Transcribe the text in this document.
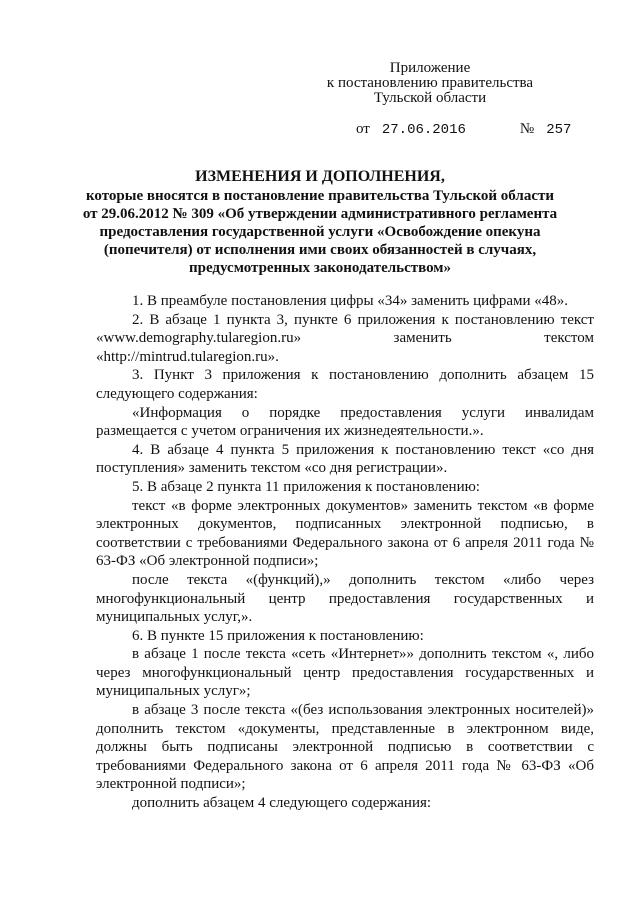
Приложение
к постановлению правительства
Тульской области
от 27.06.2016	№ 257
ИЗМЕНЕНИЯ И ДОПОЛНЕНИЯ,
которые вносятся в постановление правительства Тульской области от 29.06.2012 № 309 «Об утверждении административного регламента предоставления государственной услуги «Освобождение опекуна (попечителя) от исполнения ими своих обязанностей в случаях, предусмотренных законодательством»

1. В преамбуле постановления цифры «34» заменить цифрами «48».

2. В абзаце 1 пункта 3, пункте 6 приложения к постановлению текст «www.demography.tularegion.ru» заменить текстом «http://mintrud.tularegion.ru».

3. Пункт 3 приложения к постановлению дополнить абзацем 15 следующего содержания:

«Информация о порядке предоставления услуги инвалидам размещается с учетом ограничения их жизнедеятельности.».

4. В абзаце 4 пункта 5 приложения к постановлению текст «со дня поступления» заменить текстом «со дня регистрации».

5. В абзаце 2 пункта 11 приложения к постановлению:

текст «в форме электронных документов» заменить текстом «в форме электронных документов, подписанных электронной подписью, в соответствии с требованиями Федерального закона от 6 апреля 2011 года № 63-ФЗ «Об электронной подписи»;

после текста «(функций),» дополнить текстом «либо через многофункциональный центр предоставления государственных и муниципальных услуг,».

6. В пункте 15 приложения к постановлению:

в абзаце 1 после текста «сеть «Интернет»» дополнить текстом «, либо через многофункциональный центр предоставления государственных и муниципальных услуг»;

в абзаце 3 после текста «(без использования электронных носителей)» дополнить текстом «документы, представленные в электронном виде, должны быть подписаны электронной подписью в соответствии с требованиями Федерального закона от 6 апреля 2011 года № 63-ФЗ «Об электронной подписи»;

дополнить абзацем 4 следующего содержания:
